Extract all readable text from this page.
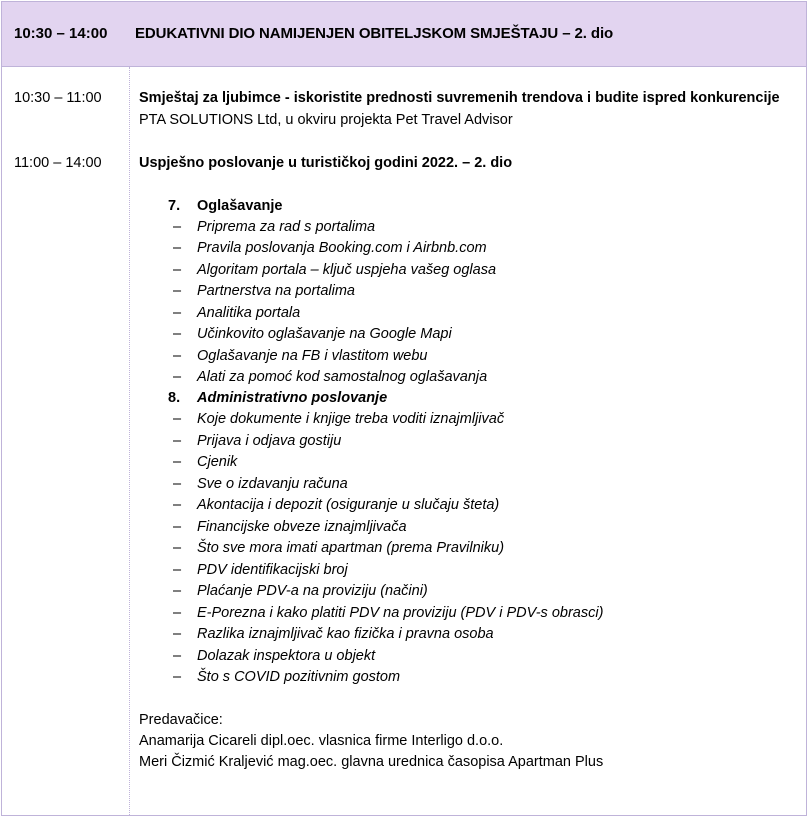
10:30 – 14:00 EDUKATIVNI DIO NAMIJENJEN OBITELJSKOM SMJEŠTAJU – 2. dio
10:30 – 11:00	Smještaj za ljubimce - iskoristite prednosti suvremenih trendova i budite ispred konkurencije
PTA SOLUTIONS Ltd, u okviru projekta Pet Travel Advisor
11:00 – 14:00	Uspješno poslovanje u turističkoj godini 2022. – 2. dio
7. Oglašavanje
– Priprema za rad s portalima
– Pravila poslovanja Booking.com i Airbnb.com
– Algoritam portala – ključ uspjeha vašeg oglasa
– Partnerstva na portalima
– Analitika portala
– Učinkovito oglašavanje na Google Mapi
– Oglašavanje na FB i vlastitom webu
– Alati za pomoć kod samostalnog oglašavanja
8. Administrativno poslovanje
– Koje dokumente i knjige treba voditi iznajmljivač
– Prijava i odjava gostiju
– Cjenik
– Sve o izdavanju računa
– Akontacija i depozit (osiguranje u slučaju šteta)
– Financijske obveze iznajmljivača
– Što sve mora imati apartman (prema Pravilniku)
– PDV identifikacijski broj
– Plaćanje PDV-a na proviziju (načini)
– E-Porezna i kako platiti PDV na proviziju (PDV i PDV-s obrasci)
– Razlika iznajmljivač kao fizička i pravna osoba
– Dolazak inspektora u objekt
– Što s COVID pozitivnim gostom
Predavačice:
Anamarija Cicareli dipl.oec. vlasnica firme Interligo d.o.o.
Meri Čizmić Kraljević mag.oec. glavna urednica časopisa Apartman Plus
